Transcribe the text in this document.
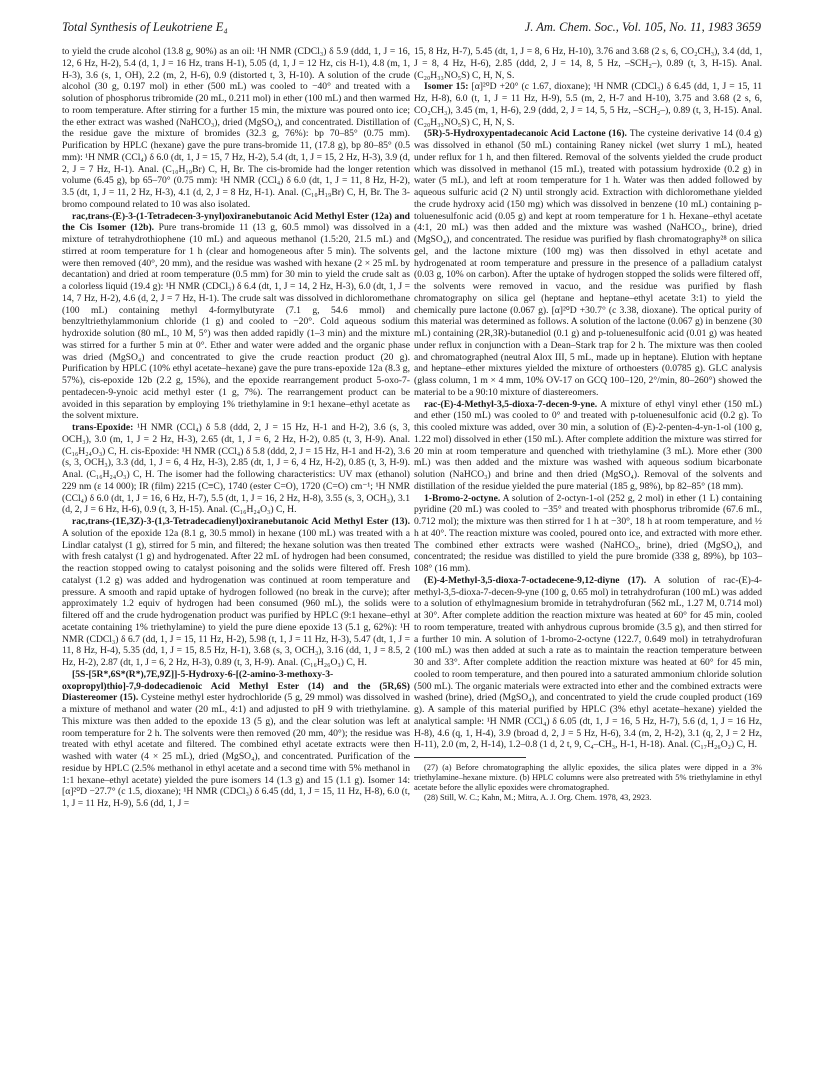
Total Synthesis of Leukotriene E₄	J. Am. Chem. Soc., Vol. 105, No. 11, 1983 3659

to yield the crude alcohol (13.8 g, 90%) as an oil: ¹H NMR (CDCl₃) δ 5.9 (ddd, 1, J = 16, 12, 6 Hz, H-2), 5.4 (d, 1, J = 16 Hz, trans H-1), 5.05 (d, 1, J = 12 Hz, cis H-1), 4.8 (m, 1, H-3), 3.6 (s, 1, OH), 2.2 (m, 2, H-6), 0.9 (distorted t, 3, H-10). A solution of the crude alcohol (30 g, 0.197 mol) in ether (500 mL) was cooled to −40° and treated with a solution of phosphorus tribromide (20 mL, 0.211 mol) in ether (100 mL) and then warmed to room temperature. After stirring for a further 15 min, the mixture was poured onto ice; the ether extract was washed (NaHCO₃), dried (MgSO₄), and concentrated. Distillation of the residue gave the mixture of bromides (32.3 g, 76%): bp 70–85° (0.75 mm). Purification by HPLC (hexane) gave the pure trans-bromide 11, (17.8 g), bp 80–85° (0.5 mm): ¹H NMR (CCl₄) δ 6.0 (dt, 1, J = 15, 7 Hz, H-2), 5.4 (dt, 1, J = 15, 2 Hz, H-3), 3.9 (d, 2, J = 7 Hz, H-1). Anal. (C₁₀H₁₉Br) C, H, Br. The cis-bromide had the longer retention volume (6.45 g), bp 65–70° (0.75 mm): ¹H NMR (CCl₄) δ 6.0 (dt, 1, J = 11, 8 Hz, H-2), 3.5 (dt, 1, J = 11, 2 Hz, H-3), 4.1 (d, 2, J = 8 Hz, H-1). Anal. (C₁₀H₁₉Br) C, H, Br. The 3-bromo compound related to 10 was also isolated.

rac,trans-(E)-3-(1-Tetradecen-3-ynyl)oxiranebutanoic Acid Methyl Ester (12a) and the Cis Isomer (12b). Pure trans-bromide 11 (13 g, 60.5 mmol) was dissolved in a mixture of tetrahydrothiophene (10 mL) and aqueous methanol (1.5:20, 21.5 mL) and stirred at room temperature for 1 h (clear and homogeneous after 5 min). The solvents were then removed (40°, 20 mm), and the residue was washed with hexane (2 × 25 mL by decantation) and dried at room temperature (0.5 mm) for 30 min to yield the crude salt as a colorless liquid (19.4 g): ¹H NMR (CDCl₃) δ 6.4 (dt, 1, J = 14, 2 Hz, H-3), 6.0 (dt, 1, J = 14, 7 Hz, H-2), 4.6 (d, 2, J = 7 Hz, H-1). The crude salt was dissolved in dichloromethane (100 mL) containing methyl 4-formylbutyrate (7.1 g, 54.6 mmol) and benzyltriethylammonium chloride (1 g) and cooled to −20°. Cold aqueous sodium hydroxide solution (80 mL, 10 M, 5°) was then added rapidly (1–3 min) and the mixture was stirred for a further 5 min at 0°. Ether and water were added and the organic phase was dried (MgSO₄) and concentrated to give the crude reaction product (20 g). Purification by HPLC (10% ethyl acetate–hexane) gave the pure trans-epoxide 12a (8.3 g, 57%), cis-epoxide 12b (2.2 g, 15%), and the epoxide rearrangement product 5-oxo-7-pentadecen-9-ynoic acid methyl ester (1 g, 7%). The rearrangement product can be avoided in this separation by employing 1% triethylamine in 9:1 hexane–ethyl acetate as the solvent mixture.

trans-Epoxide: ¹H NMR (CCl₄) δ 5.8 (ddd, 2, J = 15 Hz, H-1 and H-2), 3.6 (s, 3, OCH₃), 3.0 (m, 1, J = 2 Hz, H-3), 2.65 (dt, 1, J = 6, 2 Hz, H-2), 0.85 (t, 3, H-9). Anal. (C₁₆H₂₄O₃) C, H. cis-Epoxide: ¹H NMR (CCl₄) δ 5.8 (ddd, 2, J = 15 Hz, H-1 and H-2), 3.6 (s, 3, OCH₃), 3.3 (dd, 1, J = 6, 4 Hz, H-3), 2.85 (dt, 1, J = 6, 4 Hz, H-2), 0.85 (t, 3, H-9). Anal. (C₁₆H₂₄O₃) C, H. The isomer had the following characteristics: UV max (ethanol) 229 nm (ε 14 000); IR (film) 2215 (C≡C), 1740 (ester C=O), 1720 (C=O) cm⁻¹; ¹H NMR (CCl₄) δ 6.0 (dt, 1, J = 16, 6 Hz, H-7), 5.5 (dt, 1, J = 16, 2 Hz, H-8), 3.55 (s, 3, OCH₃), 3.1 (d, 2, J = 6 Hz, H-6), 0.9 (t, 3, H-15). Anal. (C₁₆H₂₄O₃) C, H.

rac,trans-(1E,3Z)-3-(1,3-Tetradecadienyl)oxiranebutanoic Acid Methyl Ester (13). A solution of the epoxide 12a (8.1 g, 30.5 mmol) in hexane (100 mL) was treated with a Lindlar catalyst (1 g), stirred for 5 min, and filtered; the hexane solution was then treated with fresh catalyst (1 g) and hydrogenated. After 22 mL of hydrogen had been consumed, the reaction stopped owing to catalyst poisoning and the solids were filtered off. Fresh catalyst (1.2 g) was added and hydrogenation was continued at room temperature and pressure. A smooth and rapid uptake of hydrogen followed (no break in the curve); after approximately 1.2 equiv of hydrogen had been consumed (960 mL), the solids were filtered off and the crude hydrogenation product was purified by HPLC (9:1 hexane–ethyl acetate containing 1% triethylamine) to yield the pure diene epoxide 13 (5.1 g, 62%): ¹H NMR (CDCl₃) δ 6.7 (dd, 1, J = 15, 11 Hz, H-2), 5.98 (t, 1, J = 11 Hz, H-3), 5.47 (dt, 1, J = 11, 8 Hz, H-4), 5.35 (dd, 1, J = 15, 8.5 Hz, H-1), 3.68 (s, 3, OCH₃), 3.16 (dd, 1, J = 8.5, 2 Hz, H-2), 2.87 (dt, 1, J = 6, 2 Hz, H-3), 0.89 (t, 3, H-9). Anal. (C₁₆H₂₆O₃) C, H.

[5S-[5R*,6S*(R*),7E,9Z]]-5-Hydroxy-6-[(2-amino-3-methoxy-3-oxopropyl)thio]-7,9-dodecadienoic Acid Methyl Ester (14) and the (5R,6S) Diastereomer (15). Cysteine methyl ester hydrochloride (5 g, 29 mmol) was dissolved in a mixture of methanol and water (20 mL, 4:1) and adjusted to pH 9 with triethylamine. This mixture was then added to the epoxide 13 (5 g), and the clear solution was left at room temperature for 2 h. The solvents were then removed (20 mm, 40°); the residue was treated with ethyl acetate and filtered. The combined ethyl acetate extracts were then washed with water (4 × 25 mL), dried (MgSO₄), and concentrated. Purification of the residue by HPLC (2.5% methanol in ethyl acetate and a second time with 5% methanol in 1:1 hexane–ethyl acetate) yielded the pure isomers 14 (1.3 g) and 15 (1.1 g). Isomer 14: [α]²⁰D −27.7° (c 1.5, dioxane); ¹H NMR (CDCl₃) δ 6.45 (dd, 1, J = 15, 11 Hz, H-8), 6.0 (t, 1, J = 11 Hz, H-9), 5.6 (dd, 1, J =

15, 8 Hz, H-7), 5.45 (dt, 1, J = 8, 6 Hz, H-10), 3.76 and 3.68 (2 s, 6, CO₂CH₃), 3.4 (dd, 1, J = 8, 4 Hz, H-6), 2.85 (ddd, 2, J = 14, 8, 5 Hz, –SCH₂–), 0.89 (t, 3, H-15). Anal. (C₂₀H₃₃NO₅S) C, H, N, S.

Isomer 15: [α]²⁰D +20° (c 1.67, dioxane); ¹H NMR (CDCl₃) δ 6.45 (dd, 1, J = 15, 11 Hz, H-8), 6.0 (t, 1, J = 11 Hz, H-9), 5.5 (m, 2, H-7 and H-10), 3.75 and 3.68 (2 s, 6, CO₂CH₃), 3.45 (m, 1, H-6), 2.9 (ddd, 2, J = 14, 5, 5 Hz, –SCH₂–), 0.89 (t, 3, H-15). Anal. (C₂₀H₃₃NO₅S) C, H, N, S.

(5R)-5-Hydroxypentadecanoic Acid Lactone (16). The cysteine derivative 14 (0.4 g) was dissolved in ethanol (50 mL) containing Raney nickel (wet slurry 1 mL), heated under reflux for 1 h, and then filtered. Removal of the solvents yielded the crude product which was dissolved in methanol (15 mL), treated with potassium hydroxide (0.2 g) in water (5 mL), and left at room temperature for 1 h. Water was then added followed by aqueous sulfuric acid (2 N) until strongly acid. Extraction with dichloromethane yielded the crude hydroxy acid (150 mg) which was dissolved in benzene (10 mL) containing p-toluenesulfonic acid (0.05 g) and kept at room temperature for 1 h. Hexane–ethyl acetate (4:1, 20 mL) was then added and the mixture was washed (NaHCO₃, brine), dried (MgSO₄), and concentrated. The residue was purified by flash chromatography²⁸ on silica gel, and the lactone mixture (100 mg) was then dissolved in ethyl acetate and hydrogenated at room temperature and pressure in the presence of a palladium catalyst (0.03 g, 10% on carbon). After the uptake of hydrogen stopped the solids were filtered off, the solvents were removed in vacuo, and the residue was purified by flash chromatography on silica gel (heptane and heptane–ethyl acetate 3:1) to yield the chemically pure lactone (0.067 g). [α]²⁰D +30.7° (c 3.38, dioxane). The optical purity of this material was determined as follows. A solution of the lactone (0.067 g) in benzene (30 mL) containing (2R,3R)-butanediol (0.1 g) and p-toluenesulfonic acid (0.01 g) was heated under reflux in conjunction with a Dean–Stark trap for 2 h. The mixture was then cooled and chromatographed (neutral Alox III, 5 mL, made up in heptane). Elution with heptane and heptane–ether mixtures yielded the mixture of orthoesters (0.0785 g). GLC analysis (glass column, 1 m × 4 mm, 10% OV-17 on GCQ 100–120, 2°/min, 80–260°) showed the material to be a 90:10 mixture of diastereomers.

rac-(E)-4-Methyl-3,5-dioxa-7-decen-9-yne. A mixture of ethyl vinyl ether (150 mL) and ether (150 mL) was cooled to 0° and treated with p-toluenesulfonic acid (0.2 g). To this cooled mixture was added, over 30 min, a solution of (E)-2-penten-4-yn-1-ol (100 g, 1.22 mol) dissolved in ether (150 mL). After complete addition the mixture was stirred for 20 min at room temperature and quenched with triethylamine (3 mL). More ether (300 mL) was then added and the mixture was washed with aqueous sodium bicarbonate solution (NaHCO₃) and brine and then dried (MgSO₄). Removal of the solvents and distillation of the residue yielded the pure material (185 g, 98%), bp 82–85° (18 mm).

1-Bromo-2-octyne. A solution of 2-octyn-1-ol (252 g, 2 mol) in ether (1 L) containing pyridine (20 mL) was cooled to −35° and treated with phosphorus tribromide (67.6 mL, 0.712 mol); the mixture was then stirred for 1 h at −30°, 18 h at room temperature, and ½ h at 40°. The reaction mixture was cooled, poured onto ice, and extracted with more ether. The combined ether extracts were washed (NaHCO₃, brine), dried (MgSO₄), and concentrated; the residue was distilled to yield the pure bromide (338 g, 89%), bp 103–108° (16 mm).

(E)-4-Methyl-3,5-dioxa-7-octadecene-9,12-diyne (17). A solution of rac-(E)-4-methyl-3,5-dioxa-7-decen-9-yne (100 g, 0.65 mol) in tetrahydrofuran (100 mL) was added to a solution of ethylmagnesium bromide in tetrahydrofuran (562 mL, 1.27 M, 0.714 mol) at 30°. After complete addition the reaction mixture was heated at 60° for 45 min, cooled to room temperature, treated with anhydrous cuprous bromide (3.5 g), and then stirred for a further 10 min. A solution of 1-bromo-2-octyne (122.7, 0.649 mol) in tetrahydrofuran (100 mL) was then added at such a rate as to maintain the reaction temperature between 30 and 33°. After complete addition the reaction mixture was heated at 60° for 45 min, cooled to room temperature, and then poured into a saturated ammonium chloride solution (500 mL). The organic materials were extracted into ether and the combined extracts were washed (brine), dried (MgSO₄), and concentrated to yield the crude coupled product (169 g). A sample of this material purified by HPLC (3% ethyl acetate–hexane) yielded the analytical sample: ¹H NMR (CCl₄) δ 6.05 (dt, 1, J = 16, 5 Hz, H-7), 5.6 (d, 1, J = 16 Hz, H-8), 4.6 (q, 1, H-4), 3.9 (broad d, 2, J = 5 Hz, H-6), 3.4 (m, 2, H-2), 3.1 (q, 2, J = 2 Hz, H-11), 2.0 (m, 2, H-14), 1.2–0.8 (1 d, 2 t, 9, C₄–CH₃, H-1, H-18). Anal. (C₁₇H₂₆O₂) C, H.

(27) (a) Before chromatographing the allylic epoxides, the silica plates were dipped in a 3% triethylamine–hexane mixture. (b) HPLC columns were also pretreated with 5% triethylamine in ethyl acetate before the allylic epoxides were chromatographed.

(28) Still, W. C.; Kahn, M.; Mitra, A. J. Org. Chem. 1978, 43, 2923.
